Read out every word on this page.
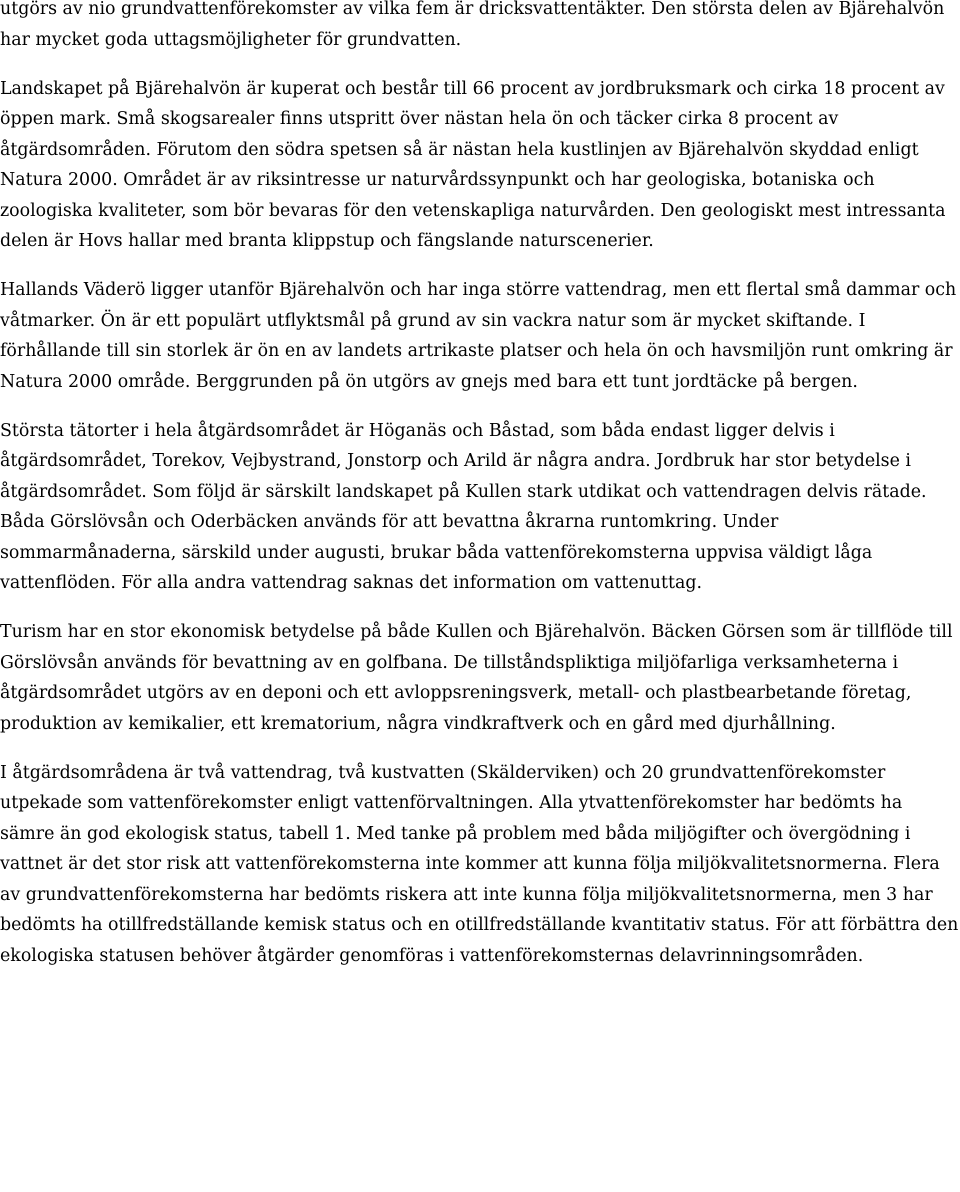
utgörs av nio grundvattenförekomster av vilka fem är dricksvattentäkter. Den största delen av Bjärehalvön har mycket goda uttagsmöjligheter för grundvatten.

Landskapet på Bjärehalvön är kuperat och består till 66 procent av jordbruksmark och cirka 18 procent av öppen mark. Små skogsarealer finns utspritt över nästan hela ön och täcker cirka 8 procent av åtgärdsområden. Förutom den södra spetsen så är nästan hela kustlinjen av Bjärehalvön skyddad enligt Natura 2000. Området är av riksintresse ur naturvårdssynpunkt och har geologiska, botaniska och zoologiska kvaliteter, som bör bevaras för den vetenskapliga naturvården. Den geologiskt mest intressanta delen är Hovs hallar med branta klippstup och fängslande naturscenerier.

Hallands Väderö ligger utanför Bjärehalvön och har inga större vattendrag, men ett flertal små dammar och våtmarker. Ön är ett populärt utflyktsmål på grund av sin vackra natur som är mycket skiftande. I förhållande till sin storlek är ön en av landets artrikaste platser och hela ön och havsmiljön runt omkring är Natura 2000 område. Berggrunden på ön utgörs av gnejs med bara ett tunt jordtäcke på bergen.

Största tätorter i hela åtgärdsområdet är Höganäs och Båstad, som båda endast ligger delvis i åtgärdsområdet, Torekov, Vejbystrand, Jonstorp och Arild är några andra. Jordbruk har stor betydelse i åtgärdsområdet. Som följd är särskilt landskapet på Kullen stark utdikat och vattendragen delvis rätade. Båda Görslövsån och Oderbäcken används för att bevattna åkrarna runtomkring. Under sommarmånaderna, särskild under augusti, brukar båda vattenförekomsterna uppvisa väldigt låga vattenflöden. För alla andra vattendrag saknas det information om vattenuttag.

Turism har en stor ekonomisk betydelse på både Kullen och Bjärehalvön. Bäcken Görsen som är tillflöde till Görslövsån används för bevattning av en golfbana. De tillståndspliktiga miljöfarliga verksamheterna i åtgärdsområdet utgörs av en deponi och ett avloppsreningsverk, metall- och plastbearbetande företag, produktion av kemikalier, ett krematorium, några vindkraftverk och en gård med djurhållning.

I åtgärdsområdena är två vattendrag, två kustvatten (Skälderviken) och 20 grundvattenförekomster utpekade som vattenförekomster enligt vattenförvaltningen. Alla ytvattenförekomster har bedömts ha sämre än god ekologisk status, tabell 1. Med tanke på problem med båda miljögifter och övergödning i vattnet är det stor risk att vattenförekomsterna inte kommer att kunna följa miljökvalitetsnormerna. Flera av grundvattenförekomsterna har bedömts riskera att inte kunna följa miljökvalitetsnormerna, men 3 har bedömts ha otillfredställande kemisk status och en otillfredställande kvantitativ status. För att förbättra den ekologiska statusen behöver åtgärder genomföras i vattenförekomsternas delavrinningsområden.
